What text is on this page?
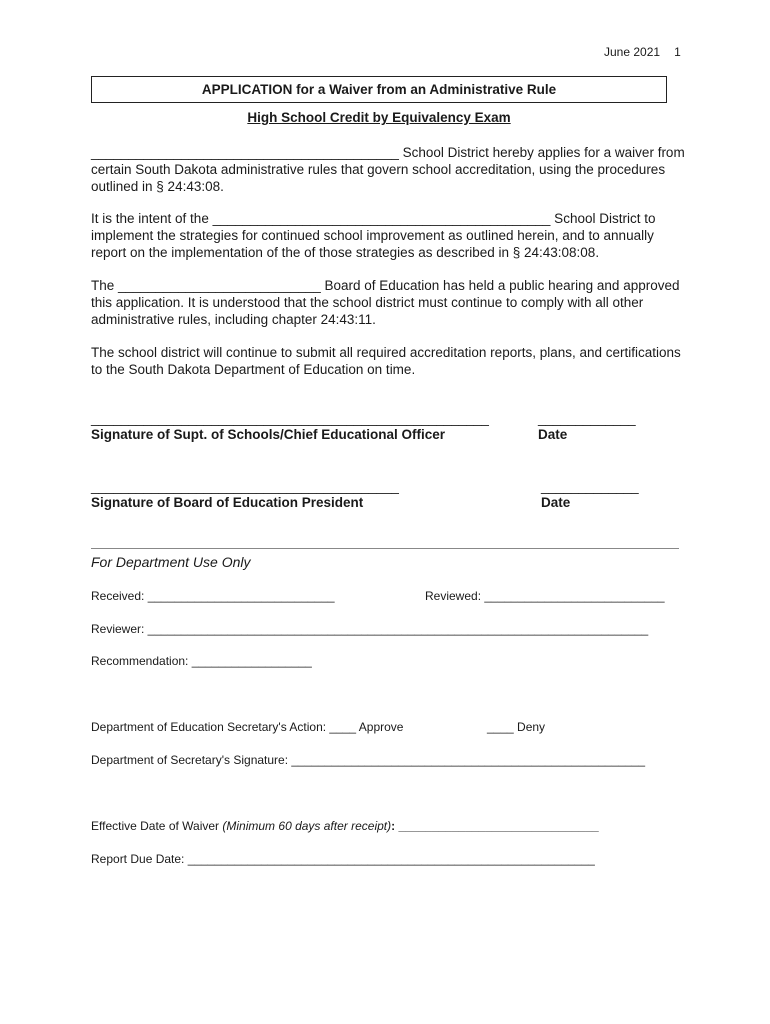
June 2021 1
APPLICATION for a Waiver from an Administrative Rule
High School Credit by Equivalency Exam

_________________________________________ School District hereby applies for a waiver from certain South Dakota administrative rules that govern school accreditation, using the procedures outlined in § 24:43:08.

It is the intent of the _____________________________________________ School District to implement the strategies for continued school improvement as outlined herein, and to annually report on the implementation of the of those strategies as described in § 24:43:08:08.

The ___________________________ Board of Education has held a public hearing and approved this application. It is understood that the school district must continue to comply with all other administrative rules, including chapter 24:43:11.

The school district will continue to submit all required accreditation reports, plans, and certifications to the South Dakota Department of Education on time.

_____________________________________________________
Signature of Supt. of Schools/Chief Educational Officer
_____________
Date
_________________________________________
Signature of Board of Education President
_____________
Date
For Department Use Only
Received: ____________________________	Reviewed: ___________________________
Reviewer: ___________________________________________________________________________
Recommendation: __________________
Department of Education Secretary's Action: ____ Approve	____ Deny
Department of Secretary's Signature: _____________________________________________________
Effective Date of Waiver (Minimum 60 days after receipt): ______________________________
Report Due Date: _____________________________________________________________
